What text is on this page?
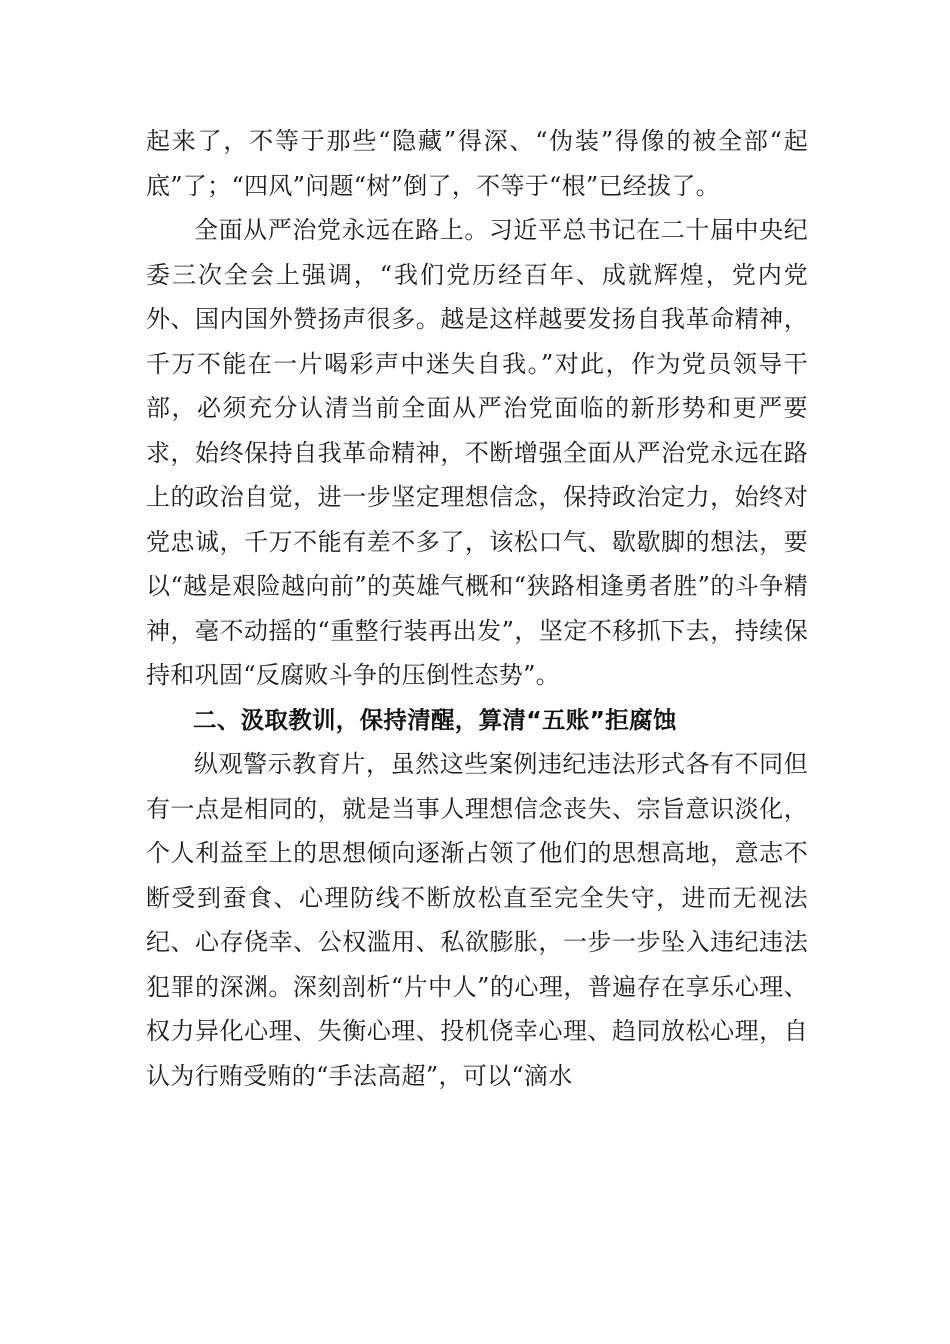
起来了，不等于那些“隐藏”得深、“伪装”得像的被全部“起底”了；“四风”问题“树”倒了，不等于“根”已经拔了。

全面从严治党永远在路上。习近平总书记在二十届中央纪委三次全会上强调，“我们党历经百年、成就辉煌，党内党外、国内国外赞扬声很多。越是这样越要发扬自我革命精神，千万不能在一片喝彩声中迷失自我。”对此，作为党员领导干部，必须充分认清当前全面从严治党面临的新形势和更严要求，始终保持自我革命精神，不断增强全面从严治党永远在路上的政治自觉，进一步坚定理想信念，保持政治定力，始终对党忠诚，千万不能有差不多了，该松口气、歇歇脚的想法，要以“越是艰险越向前”的英雄气概和“狭路相逢勇者胜”的斗争精神，毫不动摇的“重整行装再出发”，坚定不移抓下去，持续保持和巩固“反腐败斗争的压倒性态势”。

二、汲取教训，保持清醒，算清“五账”拒腐蚀

纵观警示教育片，虽然这些案例违纪违法形式各有不同但有一点是相同的，就是当事人理想信念丧失、宗旨意识淡化，个人利益至上的思想倾向逐渐占领了他们的思想高地，意志不断受到蚕食、心理防线不断放松直至完全失守，进而无视法纪、心存侥幸、公权滥用、私欲膨胀，一步一步坠入违纪违法犯罪的深渊。深刻剖析“片中人”的心理，普遍存在享乐心理、权力异化心理、失衡心理、投机侥幸心理、趋同放松心理，自认为行贿受贿的“手法高超”，可以“滴水
